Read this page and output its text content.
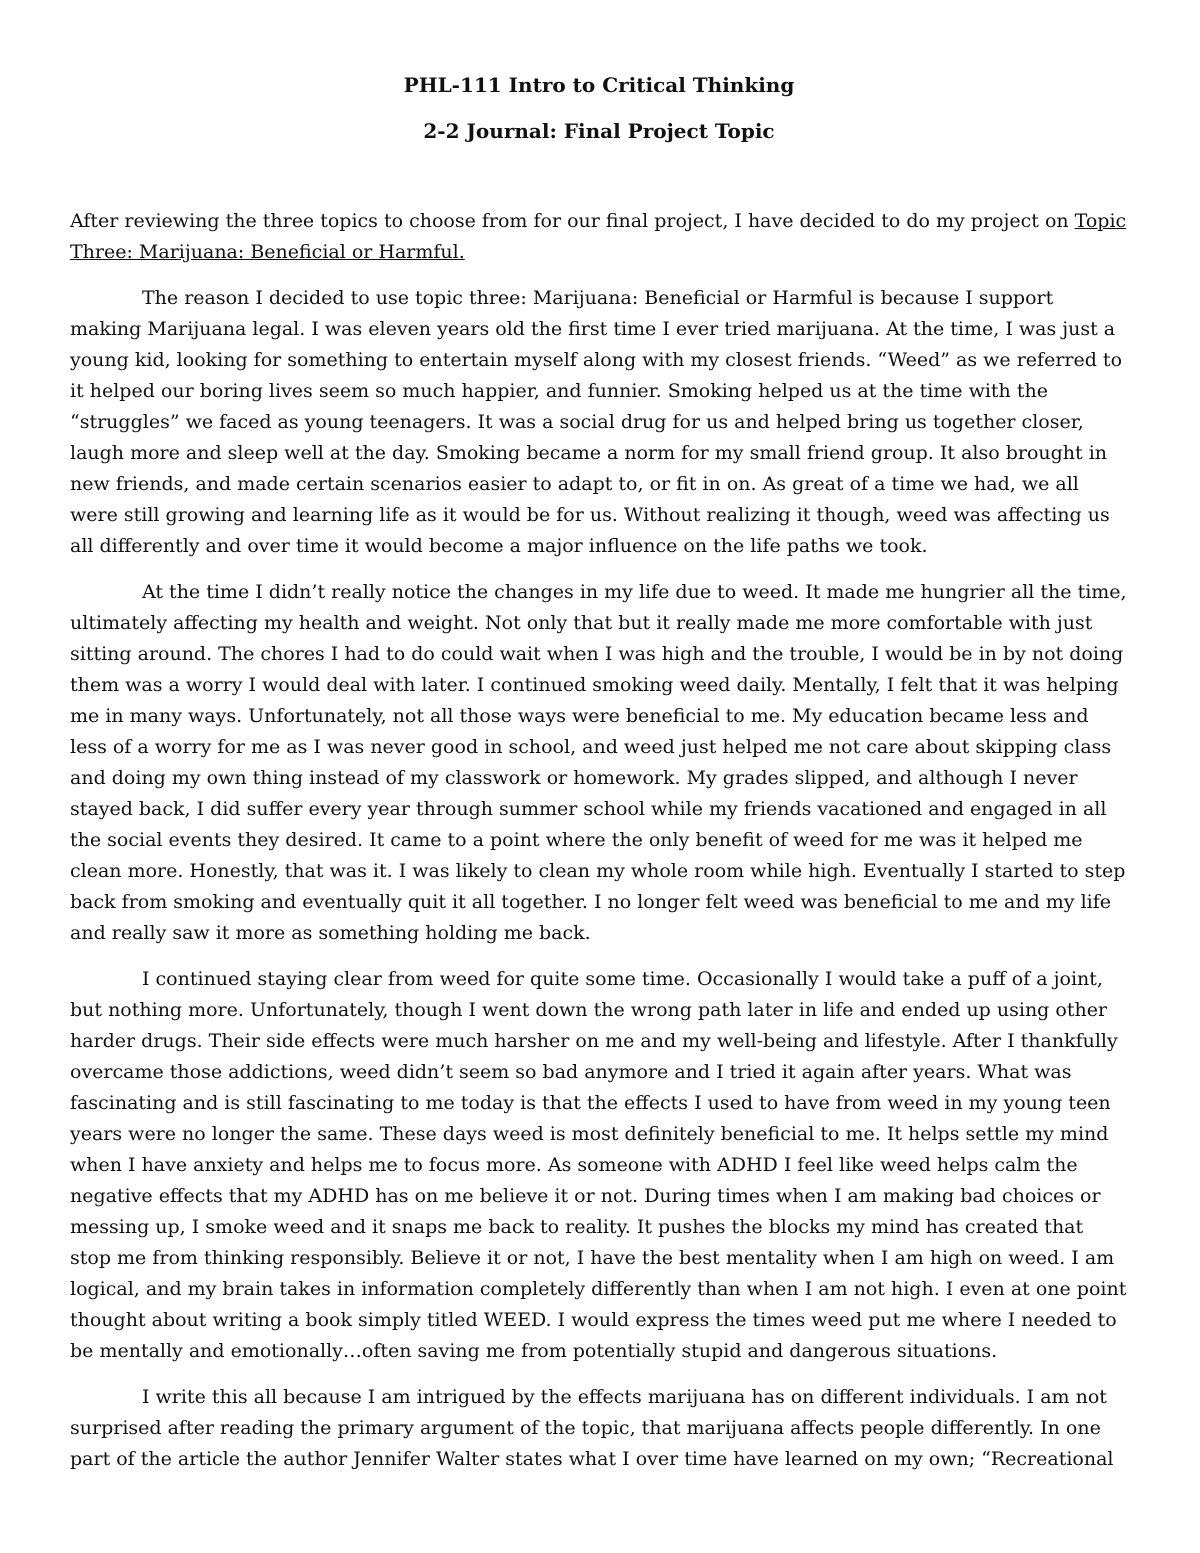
PHL-111 Intro to Critical Thinking
2-2 Journal: Final Project Topic

After reviewing the three topics to choose from for our final project, I have decided to do my project on Topic Three: Marijuana: Beneficial or Harmful.

The reason I decided to use topic three: Marijuana: Beneficial or Harmful is because I support making Marijuana legal. I was eleven years old the first time I ever tried marijuana. At the time, I was just a young kid, looking for something to entertain myself along with my closest friends. “Weed” as we referred to it helped our boring lives seem so much happier, and funnier. Smoking helped us at the time with the “struggles” we faced as young teenagers. It was a social drug for us and helped bring us together closer, laugh more and sleep well at the day. Smoking became a norm for my small friend group. It also brought in new friends, and made certain scenarios easier to adapt to, or fit in on. As great of a time we had, we all were still growing and learning life as it would be for us. Without realizing it though, weed was affecting us all differently and over time it would become a major influence on the life paths we took.

At the time I didn’t really notice the changes in my life due to weed. It made me hungrier all the time, ultimately affecting my health and weight. Not only that but it really made me more comfortable with just sitting around. The chores I had to do could wait when I was high and the trouble, I would be in by not doing them was a worry I would deal with later. I continued smoking weed daily. Mentally, I felt that it was helping me in many ways. Unfortunately, not all those ways were beneficial to me. My education became less and less of a worry for me as I was never good in school, and weed just helped me not care about skipping class and doing my own thing instead of my classwork or homework. My grades slipped, and although I never stayed back, I did suffer every year through summer school while my friends vacationed and engaged in all the social events they desired. It came to a point where the only benefit of weed for me was it helped me clean more. Honestly, that was it. I was likely to clean my whole room while high. Eventually I started to step back from smoking and eventually quit it all together. I no longer felt weed was beneficial to me and my life and really saw it more as something holding me back.

I continued staying clear from weed for quite some time. Occasionally I would take a puff of a joint, but nothing more. Unfortunately, though I went down the wrong path later in life and ended up using other harder drugs. Their side effects were much harsher on me and my well-being and lifestyle. After I thankfully overcame those addictions, weed didn’t seem so bad anymore and I tried it again after years. What was fascinating and is still fascinating to me today is that the effects I used to have from weed in my young teen years were no longer the same. These days weed is most definitely beneficial to me. It helps settle my mind when I have anxiety and helps me to focus more. As someone with ADHD I feel like weed helps calm the negative effects that my ADHD has on me believe it or not. During times when I am making bad choices or messing up, I smoke weed and it snaps me back to reality. It pushes the blocks my mind has created that stop me from thinking responsibly. Believe it or not, I have the best mentality when I am high on weed. I am logical, and my brain takes in information completely differently than when I am not high. I even at one point thought about writing a book simply titled WEED. I would express the times weed put me where I needed to be mentally and emotionally…often saving me from potentially stupid and dangerous situations.

I write this all because I am intrigued by the effects marijuana has on different individuals. I am not surprised after reading the primary argument of the topic, that marijuana affects people differently. In one part of the article the author Jennifer Walter states what I over time have learned on my own; “Recreational
